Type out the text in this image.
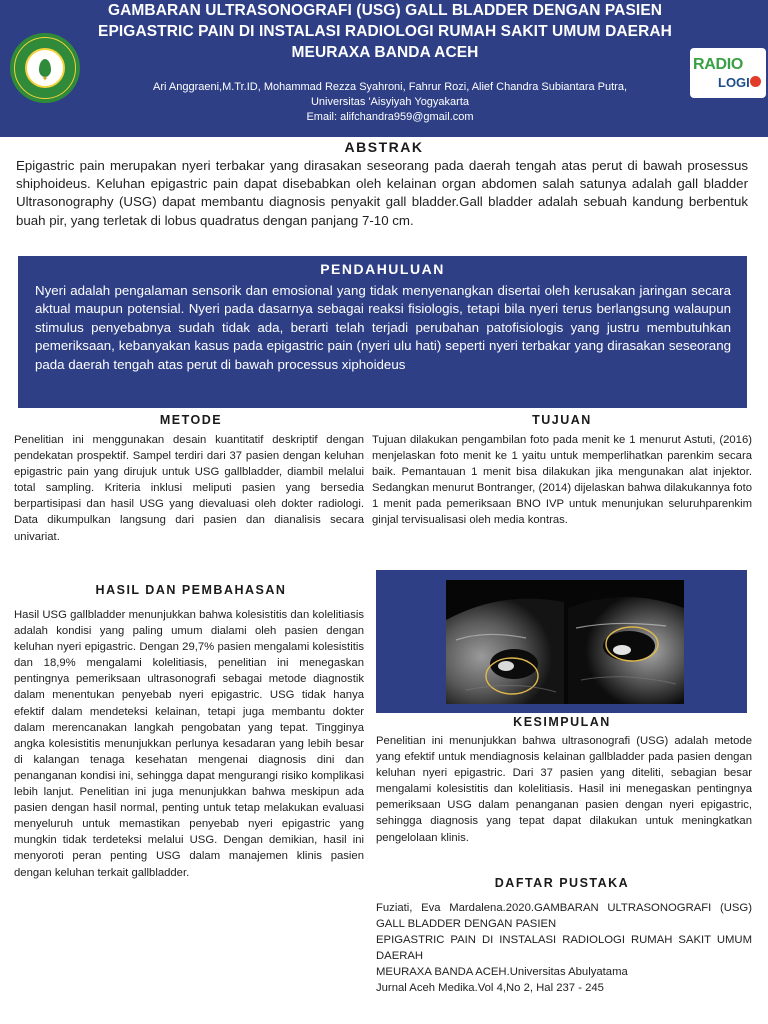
✦
GAMBARAN ULTRASONOGRAFI (USG) GALL BLADDER DENGAN PASIEN EPIGASTRIC PAIN DI INSTALASI RADIOLOGI RUMAH SAKIT UMUM DAERAH MEURAXA BANDA ACEH
Ari Anggraeni,M.Tr.ID, Mohammad Rezza Syahroni, Fahrur Rozi, Alief Chandra Subiantara Putra,
Universitas 'Aisyiyah Yogyakarta
Email: alifchandra959@gmail.com
RADIO
LOGI
ABSTRAK
Epigastric pain merupakan nyeri terbakar yang dirasakan seseorang pada daerah tengah atas perut di bawah prosessus shiphoideus. Keluhan epigastric pain dapat disebabkan oleh kelainan organ abdomen salah satunya adalah gall bladder Ultrasonography (USG) dapat membantu diagnosis penyakit gall bladder.Gall bladder adalah sebuah kandung berbentuk buah pir, yang terletak di lobus quadratus dengan panjang 7-10 cm.
PENDAHULUAN
Nyeri adalah pengalaman sensorik dan emosional yang tidak menyenangkan disertai oleh kerusakan jaringan secara aktual maupun potensial. Nyeri pada dasarnya sebagai reaksi fisiologis, tetapi bila nyeri terus berlangsung walaupun stimulus penyebabnya sudah tidak ada, berarti telah terjadi perubahan patofisiologis yang justru membutuhkan pemeriksaan, kebanyakan kasus pada epigastric pain (nyeri ulu hati) seperti nyeri terbakar yang dirasakan seseorang pada daerah tengah atas perut di bawah processus xiphoideus
METODE
Penelitian ini menggunakan desain kuantitatif deskriptif dengan pendekatan prospektif. Sampel terdiri dari 37 pasien dengan keluhan epigastric pain yang dirujuk untuk USG gallbladder, diambil melalui total sampling. Kriteria inklusi meliputi pasien yang bersedia berpartisipasi dan hasil USG yang dievaluasi oleh dokter radiologi. Data dikumpulkan langsung dari pasien dan dianalisis secara univariat.
TUJUAN
Tujuan dilakukan pengambilan foto pada menit ke 1 menurut Astuti, (2016) menjelaskan foto menit ke 1 yaitu untuk memperlihatkan parenkim secara baik. Pemantauan 1 menit bisa dilakukan jika mengunakan alat injektor. Sedangkan menurut Bontranger, (2014) dijelaskan bahwa dilakukannya foto 1 menit pada pemeriksaan BNO IVP untuk menunjukan seluruhparenkim ginjal tervisualisasi oleh media kontras.
HASIL DAN PEMBAHASAN
Hasil USG gallbladder menunjukkan bahwa kolesistitis dan kolelitiasis adalah kondisi yang paling umum dialami oleh pasien dengan keluhan nyeri epigastric. Dengan 29,7% pasien mengalami kolesistitis dan 18,9% mengalami kolelitiasis, penelitian ini menegaskan pentingnya pemeriksaan ultrasonografi sebagai metode diagnostik dalam menentukan penyebab nyeri epigastric. USG tidak hanya efektif dalam mendeteksi kelainan, tetapi juga membantu dokter dalam merencanakan langkah pengobatan yang tepat. Tingginya angka kolesistitis menunjukkan perlunya kesadaran yang lebih besar di kalangan tenaga kesehatan mengenai diagnosis dini dan penanganan kondisi ini, sehingga dapat mengurangi risiko komplikasi lebih lanjut. Penelitian ini juga menunjukkan bahwa meskipun ada pasien dengan hasil normal, penting untuk tetap melakukan evaluasi menyeluruh untuk memastikan penyebab nyeri epigastric yang mungkin tidak terdeteksi melalui USG. Dengan demikian, hasil ini menyoroti peran penting USG dalam manajemen klinis pasien dengan keluhan terkait gallbladder.
KESIMPULAN
Penelitian ini menunjukkan bahwa ultrasonografi (USG) adalah metode yang efektif untuk mendiagnosis kelainan gallbladder pada pasien dengan keluhan nyeri epigastric. Dari 37 pasien yang diteliti, sebagian besar mengalami kolesistitis dan kolelitiasis. Hasil ini menegaskan pentingnya pemeriksaan USG dalam penanganan pasien dengan nyeri epigastric, sehingga diagnosis yang tepat dapat dilakukan untuk meningkatkan pengelolaan klinis.
DAFTAR PUSTAKA
Fuziati, Eva Mardalena.2020.GAMBARAN ULTRASONOGRAFI (USG) GALL BLADDER DENGAN PASIEN
EPIGASTRIC PAIN DI INSTALASI RADIOLOGI RUMAH SAKIT UMUM DAERAH
MEURAXA BANDA ACEH.Universitas Abulyatama
Jurnal Aceh Medika.Vol 4,No 2, Hal 237 - 245
